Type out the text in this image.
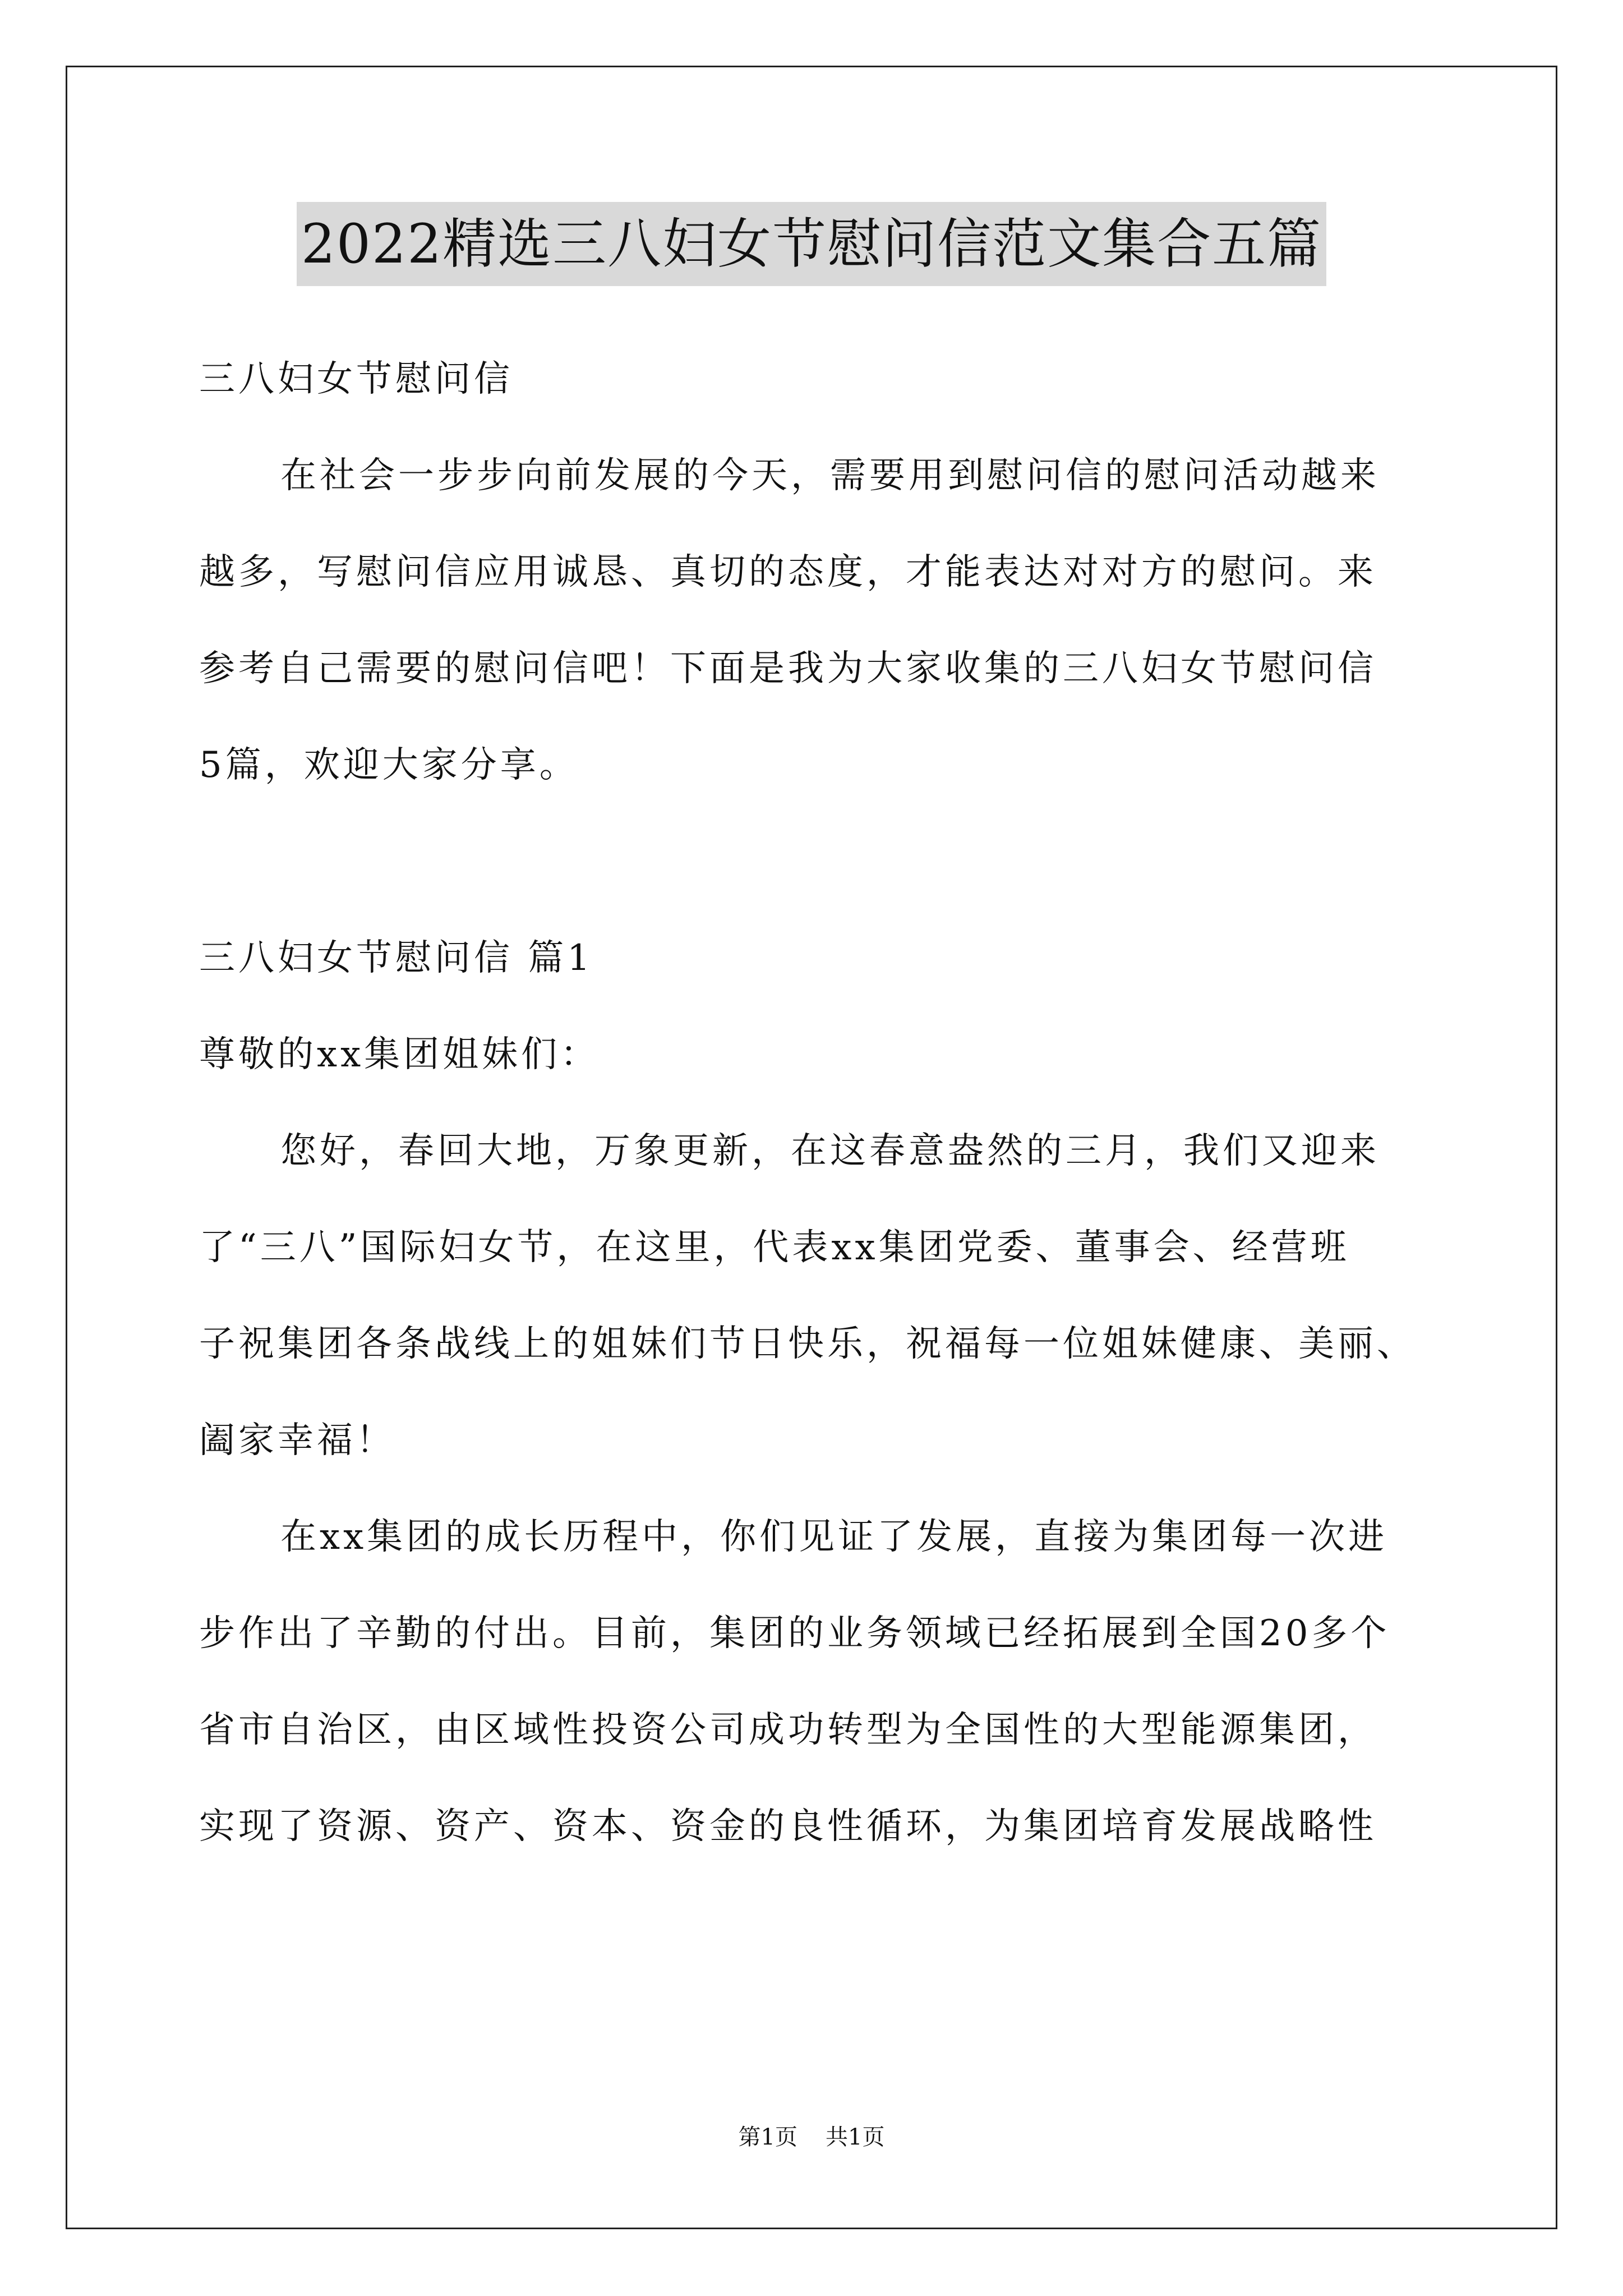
2022精选三八妇女节慰问信范文集合五篇
三八妇女节慰问信
在社会一步步向前发展的今天，需要用到慰问信的慰问活动越来
越多，写慰问信应用诚恳、真切的态度，才能表达对对方的慰问。来
参考自己需要的慰问信吧！下面是我为大家收集的三八妇女节慰问信
5篇，欢迎大家分享。
三八妇女节慰问信 篇1
尊敬的xx集团姐妹们：
您好，春回大地，万象更新，在这春意盎然的三月，我们又迎来
了“三八”国际妇女节，在这里，代表xx集团党委、董事会、经营班
子祝集团各条战线上的姐妹们节日快乐，祝福每一位姐妹健康、美丽、
阖家幸福！
在xx集团的成长历程中，你们见证了发展，直接为集团每一次进
步作出了辛勤的付出。目前，集团的业务领域已经拓展到全国20多个
省市自治区，由区域性投资公司成功转型为全国性的大型能源集团，
实现了资源、资产、资本、资金的良性循环，为集团培育发展战略性
第1页 共1页
